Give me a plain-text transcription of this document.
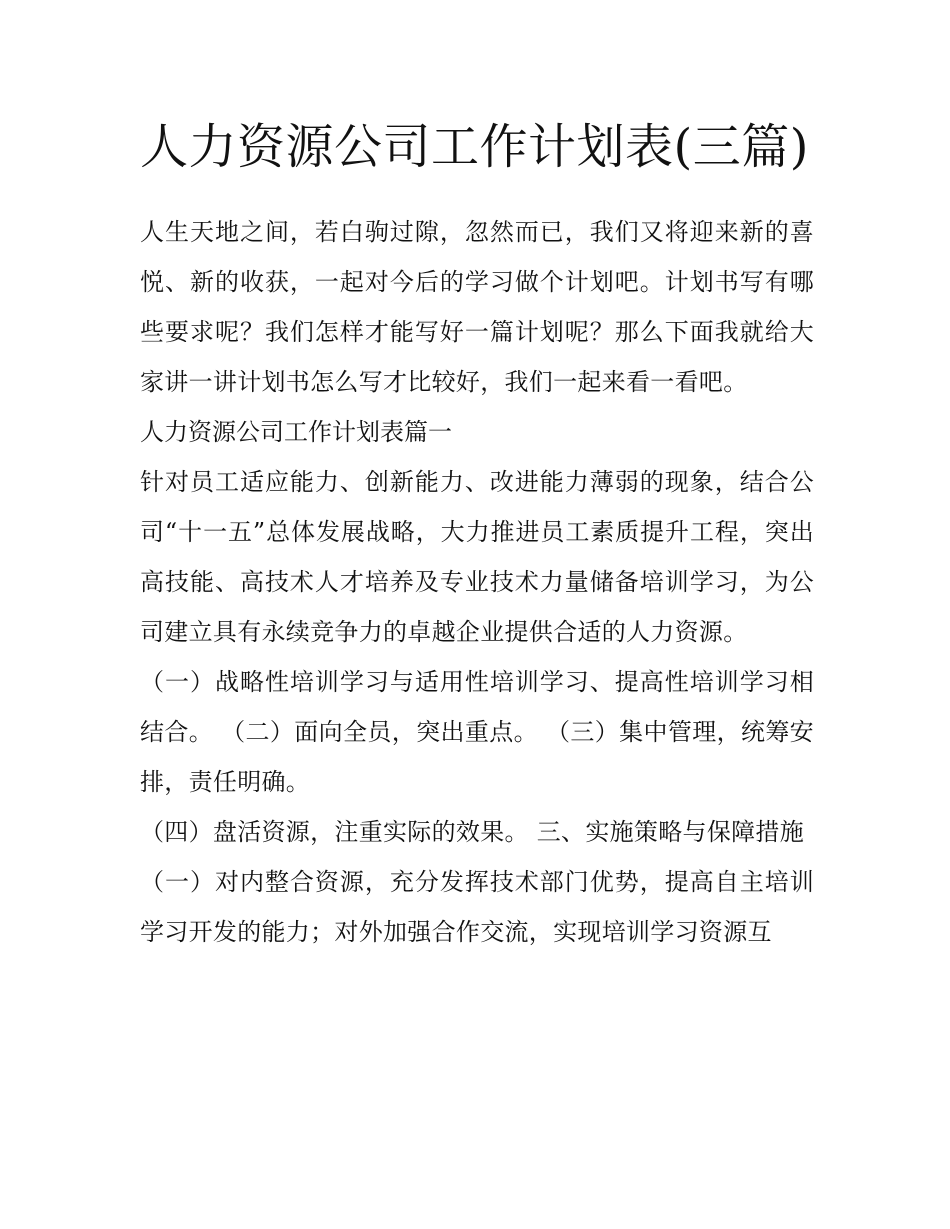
人力资源公司工作计划表(三篇)

人生天地之间，若白驹过隙，忽然而已，我们又将迎来新的喜悦、新的收获，一起对今后的学习做个计划吧。计划书写有哪些要求呢？我们怎样才能写好一篇计划呢？那么下面我就给大家讲一讲计划书怎么写才比较好，我们一起来看一看吧。

人力资源公司工作计划表篇一

针对员工适应能力、创新能力、改进能力薄弱的现象，结合公司“十一五”总体发展战略，大力推进员工素质提升工程，突出高技能、高技术人才培养及专业技术力量储备培训学习，为公司建立具有永续竞争力的卓越企业提供合适的人力资源。

（一）战略性培训学习与适用性培训学习、提高性培训学习相结合。 （二）面向全员，突出重点。 （三）集中管理，统筹安排，责任明确。

（四）盘活资源，注重实际的效果。 三、实施策略与保障措施

（一）对内整合资源，充分发挥技术部门优势，提高自主培训学习开发的能力；对外加强合作交流，实现培训学习资源互
